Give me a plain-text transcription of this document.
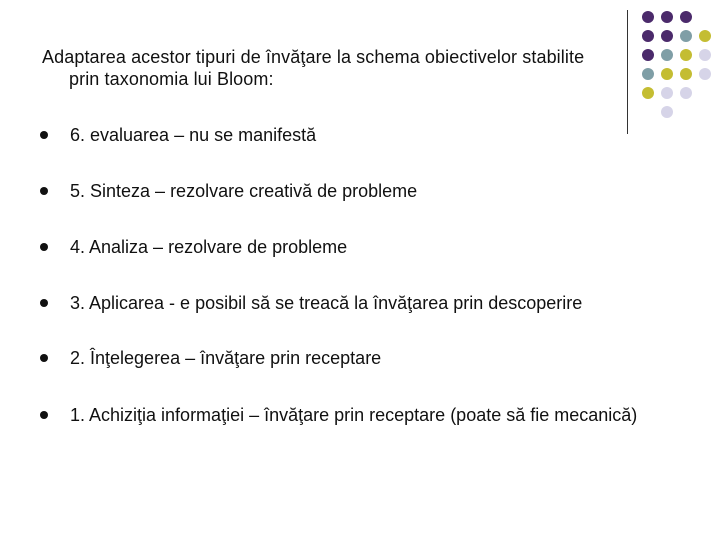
Adaptarea acestor tipuri de învăţare la schema obiectivelor stabilite
prin taxonomia lui Bloom:
6. evaluarea – nu se manifestă
5. Sinteza – rezolvare creativă de probleme
4. Analiza – rezolvare de probleme
3. Aplicarea - e posibil să se treacă la învăţarea prin descoperire
2. Înţelegerea – învăţare prin receptare
1. Achiziţia informaţiei – învăţare prin receptare (poate să fie mecanică)
